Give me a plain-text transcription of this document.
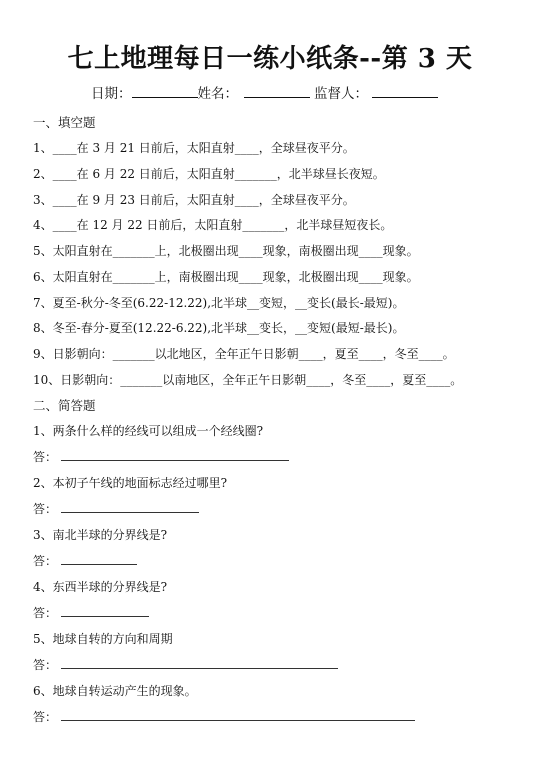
七上地理每日一练小纸条--第 3 天
日期：	姓名：	监督人：
一、填空题
1、____在 3 月 21 日前后，太阳直射____，全球昼夜平分。
2、____在 6 月 22 日前后，太阳直射_______，北半球昼长夜短。
3、____在 9 月 23 日前后，太阳直射____，全球昼夜平分。
4、____在 12 月 22 日前后，太阳直射_______，北半球昼短夜长。
5、太阳直射在_______上，北极圈出现____现象，南极圈出现____现象。
6、太阳直射在_______上，南极圈出现____现象，北极圈出现____现象。
7、夏至-秋分-冬至(6.22-12.22),北半球__变短，__变长(最长-最短)。
8、冬至-春分-夏至(12.22-6.22),北半球__变长，__变短(最短-最长)。
9、日影朝向：_______以北地区，全年正午日影朝____，夏至____，冬至____。
10、日影朝向：_______以南地区，全年正午日影朝____，冬至____，夏至____。
二、简答题
1、两条什么样的经线可以组成一个经线圈?
答：
2、本初子午线的地面标志经过哪里?
答：
3、南北半球的分界线是?
答：
4、东西半球的分界线是?
答：
5、地球自转的方向和周期
答：
6、地球自转运动产生的现象。
答：
